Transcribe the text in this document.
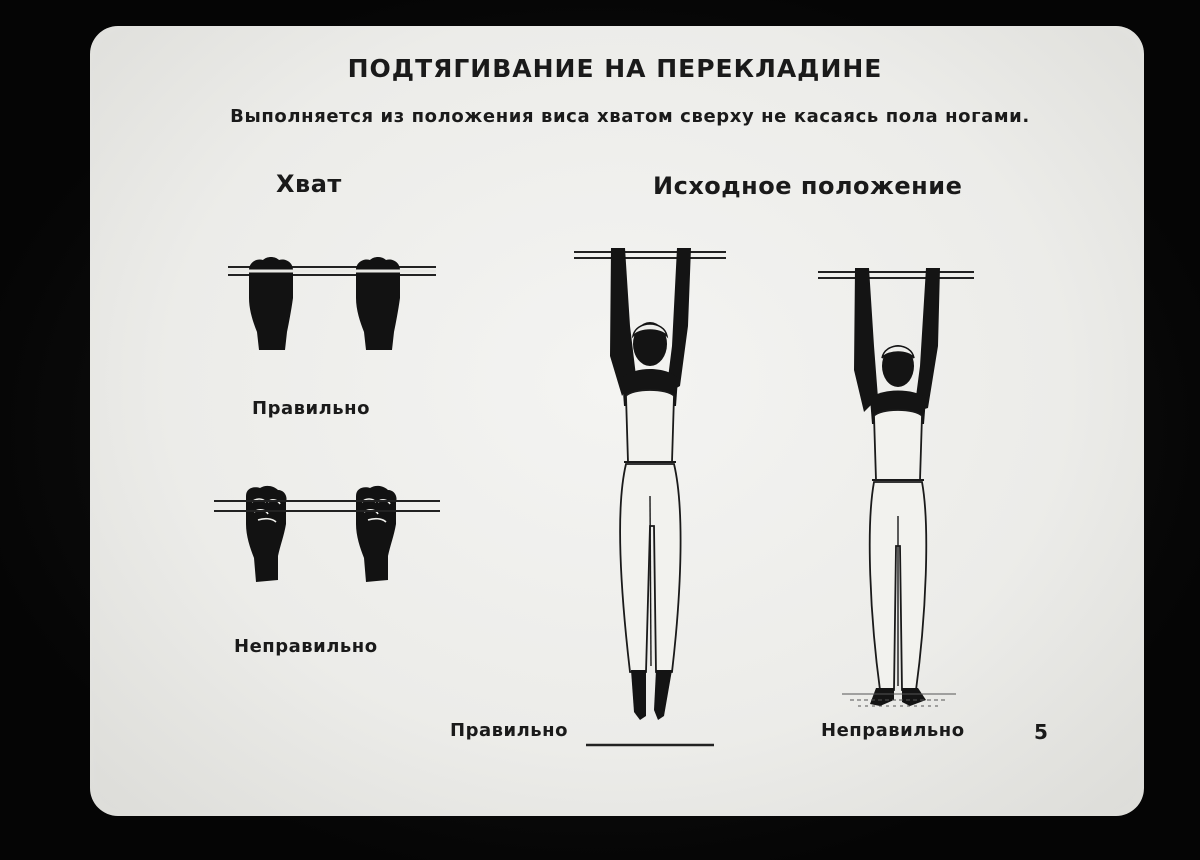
ПОДТЯГИВАНИЕ НА ПЕРЕКЛАДИНЕ

Выполняется из положения виса хватом сверху не касаясь пола ногами.

Хват	Исходное положение
Правильно
Неправильно
Правильно	Неправильно	5
